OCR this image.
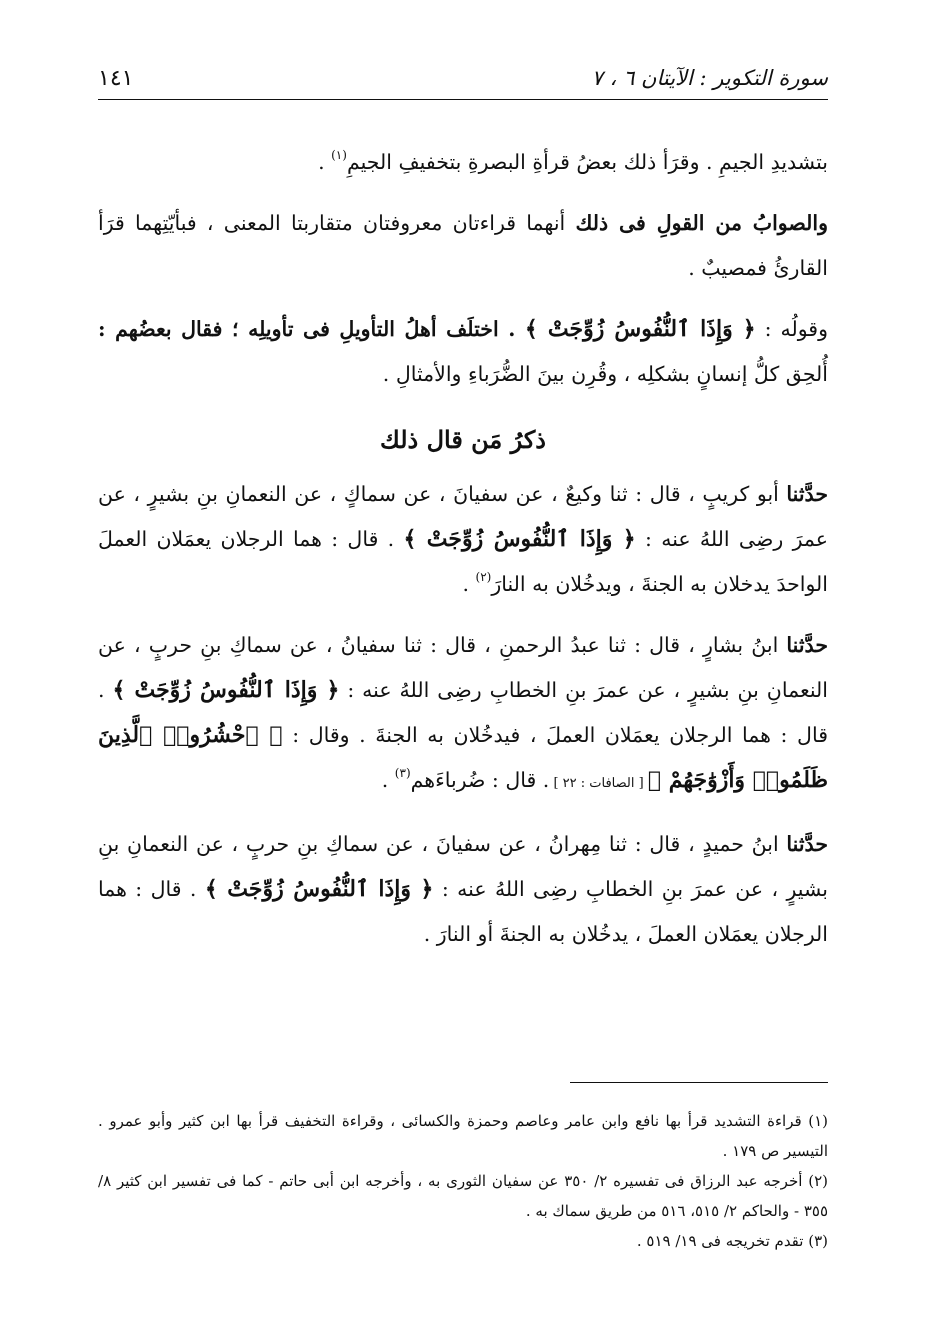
سورة التكوير : الآيتان ٦ ، ٧
١٤١

بتشديدِ الجيمِ . وقرَأ ذلك بعضُ قرأةِ البصرةِ بتخفيفِ الجيمِ$^{(١)}$ .

والصوابُ من القولِ فى ذلك أنهما قراءتان معروفتان متقاربتا المعنى ، فبأيّتِهما قرَأ القارئُ فمصيبٌ .

وقولُه : ﴿ وَإِذَا ٱلنُّفُوسُ زُوِّجَتْ ﴾ . اختلَف أهلُ التأويلِ فى تأويلِه ؛ فقال بعضُهم : أُلحِق كلُّ إنسانٍ بشكلِه ، وقُرِن بينَ الضُّرَباءِ والأمثالِ .

ذكرُ مَن قال ذلك

حدَّثنا أبو كريبٍ ، قال : ثنا وكيعٌ ، عن سفيانَ ، عن سماكٍ ، عن النعمانِ بنِ بشيرٍ ، عن عمرَ رضِى اللهُ عنه : ﴿ وَإِذَا ٱلنُّفُوسُ زُوِّجَتْ ﴾ . قال : هما الرجلان يعمَلان العملَ الواحدَ يدخلان به الجنةَ ، ويدخُلان به النارَ$^{(٢)}$ .

حدَّثنا ابنُ بشارٍ ، قال : ثنا عبدُ الرحمنِ ، قال : ثنا سفيانُ ، عن سماكِ بنِ حربٍ ، عن النعمانِ بنِ بشيرٍ ، عن عمرَ بنِ الخطابِ رضِى اللهُ عنه : ﴿ وَإِذَا ٱلنُّفُوسُ زُوِّجَتْ ﴾ . قال : هما الرجلان يعمَلان العملَ ، فيدخُلان به الجنةَ . وقال : ﴿ ٱحْشُرُوا۟ ٱلَّذِينَ ظَلَمُوا۟ وَأَزْوَٰجَهُمْ ﴾ [ الصافات : ٢٢ ] . قال : ضُرباءَهم$^{(٣)}$ .

حدَّثنا ابنُ حميدٍ ، قال : ثنا مِهرانُ ، عن سفيانَ ، عن سماكِ بنِ حربٍ ، عن النعمانِ بنِ بشيرٍ ، عن عمرَ بنِ الخطابِ رضِى اللهُ عنه : ﴿ وَإِذَا ٱلنُّفُوسُ زُوِّجَتْ ﴾ . قال : هما الرجلان يعمَلان العملَ ، يدخُلان به الجنةَ أو النارَ .

(١) قراءة التشديد قرأ بها نافع وابن عامر وعاصم وحمزة والكسائى ، وقراءة التخفيف قرأ بها ابن كثير وأبو عمرو . التيسير ص ١٧٩ .

(٢) أخرجه عبد الرزاق فى تفسيره ٢/ ٣٥٠ عن سفيان الثورى به ، وأخرجه ابن أبى حاتم - كما فى تفسير ابن كثير ٨/ ٣٥٥ - والحاكم ٢/ ٥١٥، ٥١٦ من طريق سماك به .

(٣) تقدم تخريجه فى ١٩/ ٥١٩ .
